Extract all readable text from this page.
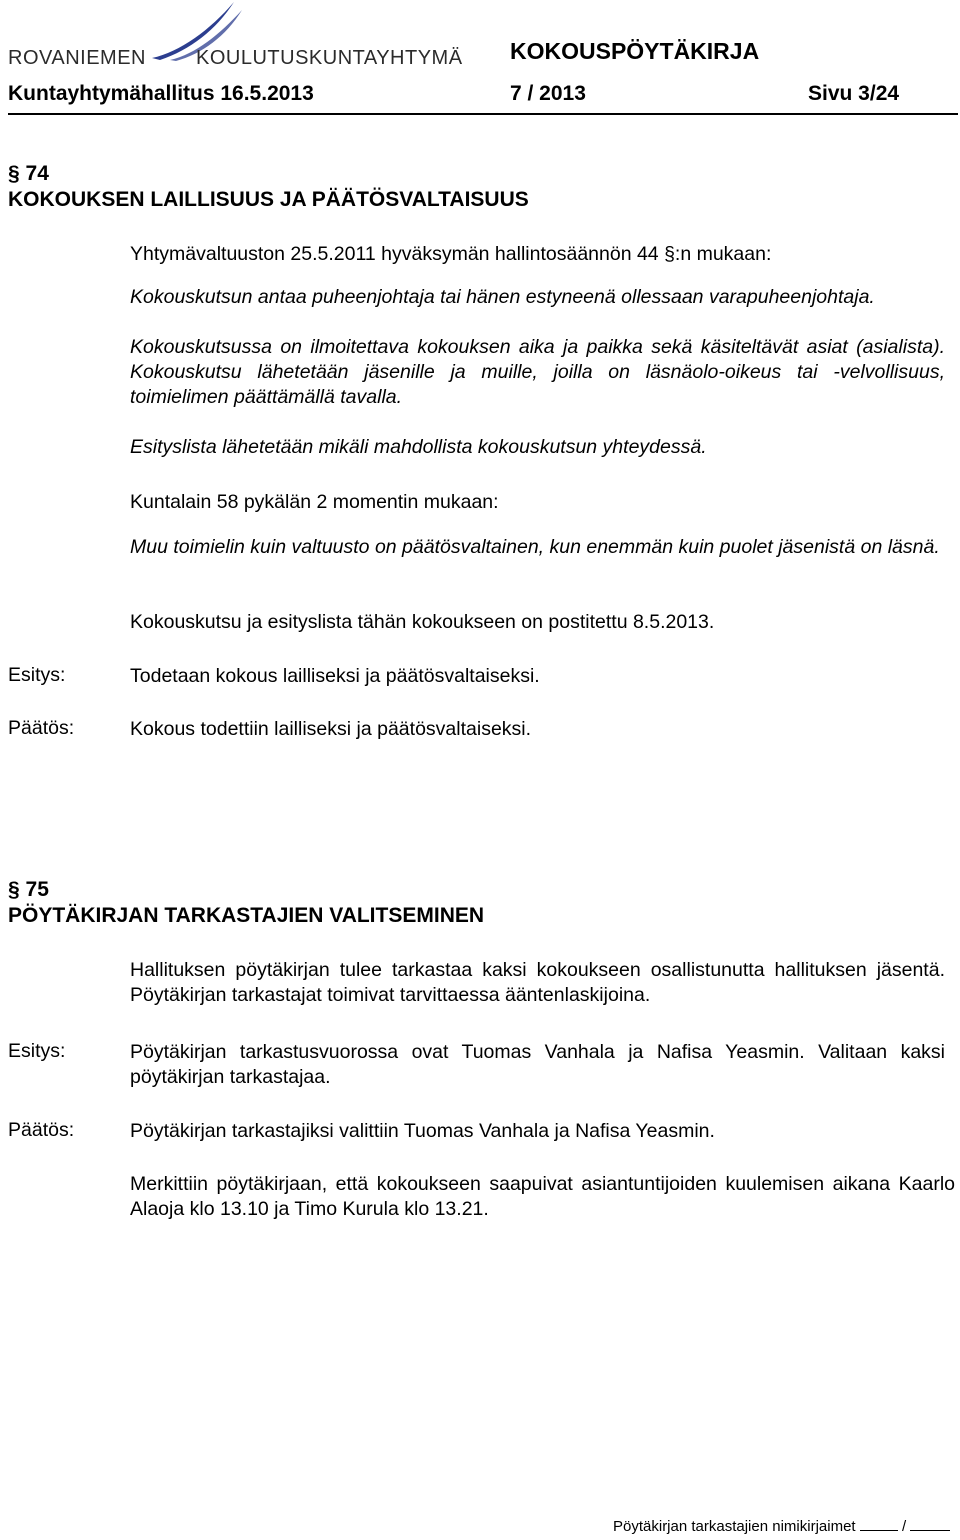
ROVANIEMEN	KOULUTUSKUNTAYHTYMÄ KOKOUSPÖYTÄKIRJA
Kuntayhtymähallitus 16.5.2013	7 / 2013	Sivu 3/24
§ 74
KOKOUKSEN LAILLISUUS JA PÄÄTÖSVALTAISUUS
Yhtymävaltuuston 25.5.2011 hyväksymän hallintosäännön 44 §:n mukaan:
Kokouskutsun antaa puheenjohtaja tai hänen estyneenä ollessaan varapuheenjohtaja.
Kokouskutsussa on ilmoitettava kokouksen aika ja paikka sekä käsiteltävät asiat (asialista). Kokouskutsu lähetetään jäsenille ja muille, joilla on läsnäolo-oikeus tai -velvollisuus, toimielimen päättämällä tavalla.
Esityslista lähetetään mikäli mahdollista kokouskutsun yhteydessä.
Kuntalain 58 pykälän 2 momentin mukaan:
Muu toimielin kuin valtuusto on päätösvaltainen, kun enemmän kuin puolet jäsenistä on läsnä.
Kokouskutsu ja esityslista tähän kokoukseen on postitettu 8.5.2013.
Esitys:	Todetaan kokous lailliseksi ja päätösvaltaiseksi.
Päätös:	Kokous todettiin lailliseksi ja päätösvaltaiseksi.
§ 75
PÖYTÄKIRJAN TARKASTAJIEN VALITSEMINEN
Hallituksen pöytäkirjan tulee tarkastaa kaksi kokoukseen osallistunutta hallituksen jäsentä. Pöytäkirjan tarkastajat toimivat tarvittaessa ääntenlaskijoina.
Esitys:	Pöytäkirjan tarkastusvuorossa ovat Tuomas Vanhala ja Nafisa Yeasmin. Valitaan kaksi pöytäkirjan tarkastajaa.
Päätös:	Pöytäkirjan tarkastajiksi valittiin Tuomas Vanhala ja Nafisa Yeasmin.
Merkittiin pöytäkirjaan, että kokoukseen saapuivat asiantuntijoiden kuulemisen aikana Kaarlo Alaoja klo 13.10 ja Timo Kurula klo 13.21.
Pöytäkirjan tarkastajien nimikirjaimet	/
